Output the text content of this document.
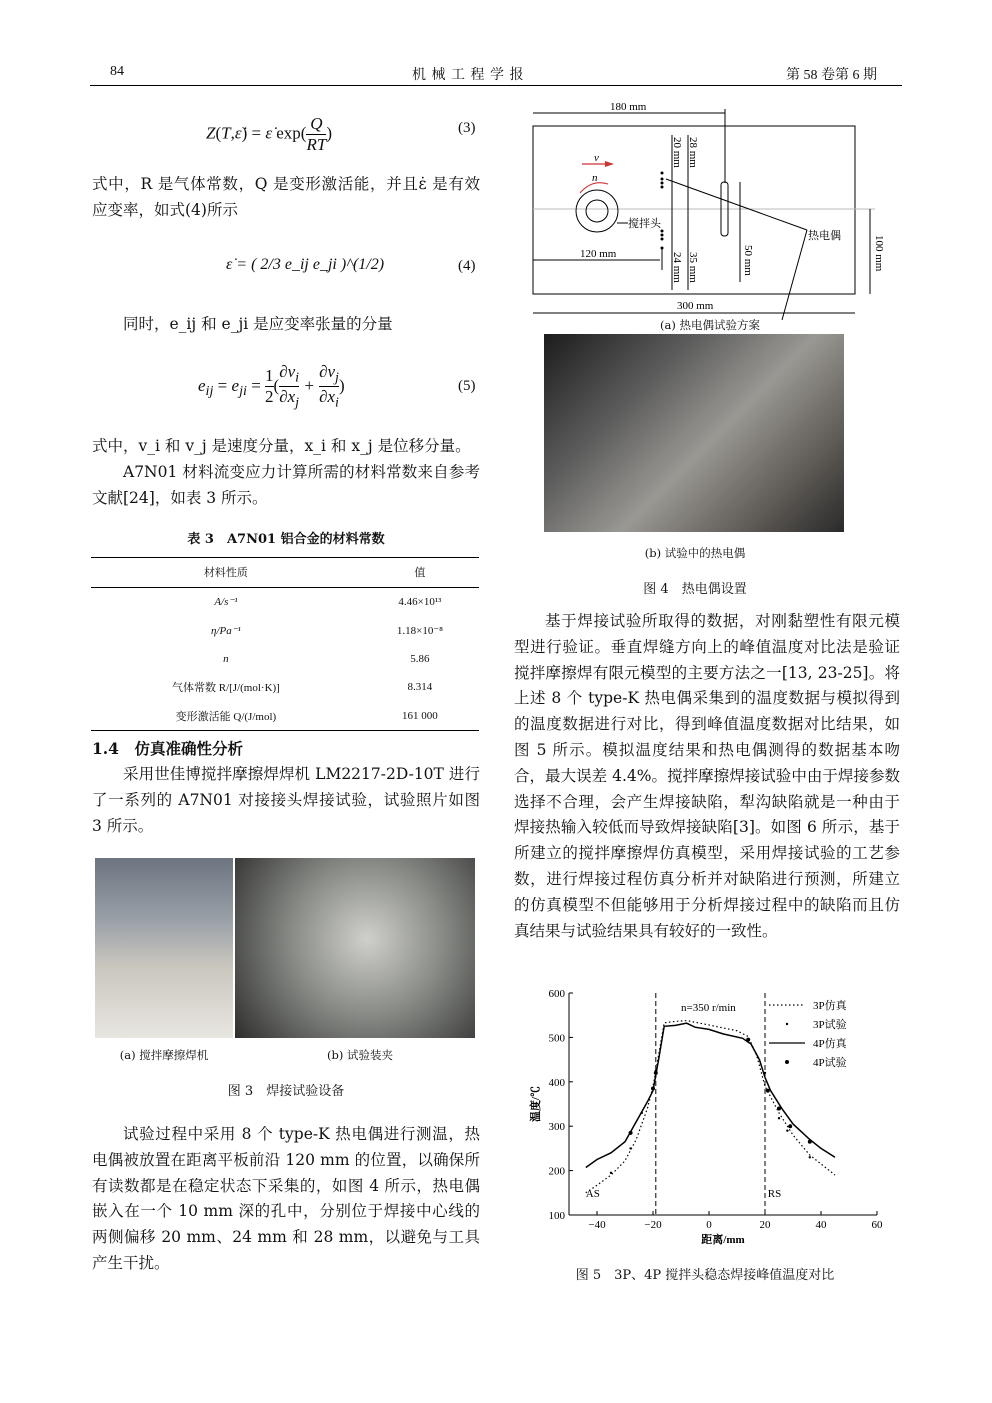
84	机 械 工 程 学 报	第 58 卷第 6 期
Z(T,ε̇) = ε̇ $\exp( \frac{Q}{RT}$ )	(3)
式中，R 是气体常数，Q 是变形激活能，并且ε̇ 是有效应变率，如式(4)所示
ε̇ = ( 2/3 e_ij e_ji )^(1/2)	(4)
同时，e_ij 和 e_ji 是应变率张量的分量
$e_{ij} = e_{ji} = \frac{1}{2}$ ( $\frac{\partial v_i}{\partial x_j} + \frac{\partial v_j}{\partial x_i}$ )	(5)
式中，v_i 和 v_j 是速度分量，x_i 和 x_j 是位移分量。
A7N01 材料流变应力计算所需的材料常数来自参考文献[24]，如表 3 所示。
表 3　A7N01 铝合金的材料常数
材料性质	值
A/s⁻¹	4.46×10¹³
η/Pa⁻¹	1.18×10⁻⁸
n	5.86
气体常数 R/[J/(mol·K)]	8.314
变形激活能 Q/(J/mol)	161 000
1.4　仿真准确性分析
采用世佳博搅拌摩擦焊焊机 LM2217-2D-10T 进行了一系列的 A7N01 对接接头焊接试验，试验照片如图 3 所示。
(a) 搅拌摩擦焊机	(b) 试验装夹
图 3　焊接试验设备
试验过程中采用 8 个 type-K 热电偶进行测温，热电偶被放置在距离平板前沿 120 mm 的位置，以确保所有读数都是在稳定状态下采集的，如图 4 所示，热电偶嵌入在一个 10 mm 深的孔中，分别位于焊接中心线的两侧偏移 20 mm、24 mm 和 28 mm，以避免与工具产生干扰。
180 mm
120 mm
300 mm
v
n
搅拌头
热电偶	100 mm
50 mm
20 mm 28 mm
24 mm 35 mm
(a) 热电偶试验方案
(b) 试验中的热电偶
图 4　热电偶设置
基于焊接试验所取得的数据，对刚黏塑性有限元模型进行验证。垂直焊缝方向上的峰值温度对比法是验证搅拌摩擦焊有限元模型的主要方法之一[13, 23-25]。将上述 8 个 type-K 热电偶采集到的温度数据与模拟得到的温度数据进行对比，得到峰值温度数据对比结果，如图 5 所示。模拟温度结果和热电偶测得的数据基本吻合，最大误差 4.4%。搅拌摩擦焊接试验中由于焊接参数选择不合理，会产生焊接缺陷，犁沟缺陷就是一种由于焊接热输入较低而导致焊接缺陷[3]。如图 6 所示，基于所建立的搅拌摩擦焊仿真模型，采用焊接试验的工艺参数，进行焊接过程仿真分析并对缺陷进行预测，所建立的仿真模型不但能够用于分析焊接过程中的缺陷而且仿真结果与试验结果具有较好的一致性。
100
200
300
400
500
600
−40	−20	0	20	40	60
距离/mm
温度/℃
n=350 r/min
AS	RS
3P仿真
3P试验
4P仿真
4P试验
图 5　3P、4P 搅拌头稳态焊接峰值温度对比
